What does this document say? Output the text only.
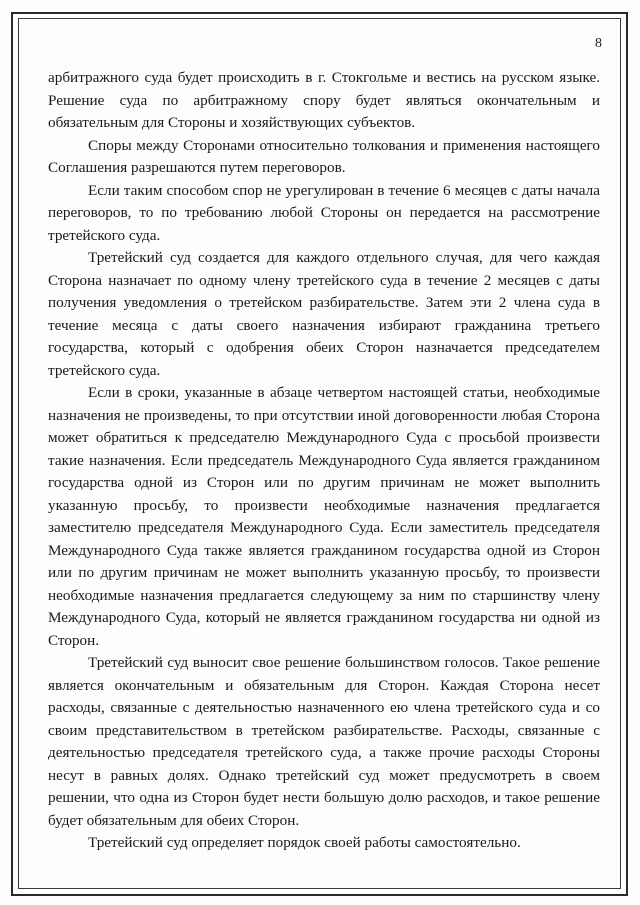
8

арбитражного суда будет происходить в г. Стокгольме и вестись на русском языке. Решение суда по арбитражному спору будет являться окончательным и обязательным для Стороны и хозяйствующих субъектов.

Споры между Сторонами относительно толкования и применения настоящего Соглашения разрешаются путем переговоров.

Если таким способом спор не урегулирован в течение 6 месяцев с даты начала переговоров, то по требованию любой Стороны он передается на рассмотрение третейского суда.

Третейский суд создается для каждого отдельного случая, для чего каждая Сторона назначает по одному члену третейского суда в течение 2 месяцев с даты получения уведомления о третейском разбирательстве. Затем эти 2 члена суда в течение месяца с даты своего назначения избирают гражданина третьего государства, который с одобрения обеих Сторон назначается председателем третейского суда.

Если в сроки, указанные в абзаце четвертом настоящей статьи, необходимые назначения не произведены, то при отсутствии иной договоренности любая Сторона может обратиться к председателю Международного Суда с просьбой произвести такие назначения. Если председатель Международного Суда является гражданином государства одной из Сторон или по другим причинам не может выполнить указанную просьбу, то произвести необходимые назначения предлагается заместителю председателя Международного Суда. Если заместитель председателя Международного Суда также является гражданином государства одной из Сторон или по другим причинам не может выполнить указанную просьбу, то произвести необходимые назначения предлагается следующему за ним по старшинству члену Международного Суда, который не является гражданином государства ни одной из Сторон.

Третейский суд выносит свое решение большинством голосов. Такое решение является окончательным и обязательным для Сторон. Каждая Сторона несет расходы, связанные с деятельностью назначенного ею члена третейского суда и со своим представительством в третейском разбирательстве. Расходы, связанные с деятельностью председателя третейского суда, а также прочие расходы Стороны несут в равных долях. Однако третейский суд может предусмотреть в своем решении, что одна из Сторон будет нести большую долю расходов, и такое решение будет обязательным для обеих Сторон.

Третейский суд определяет порядок своей работы самостоятельно.
